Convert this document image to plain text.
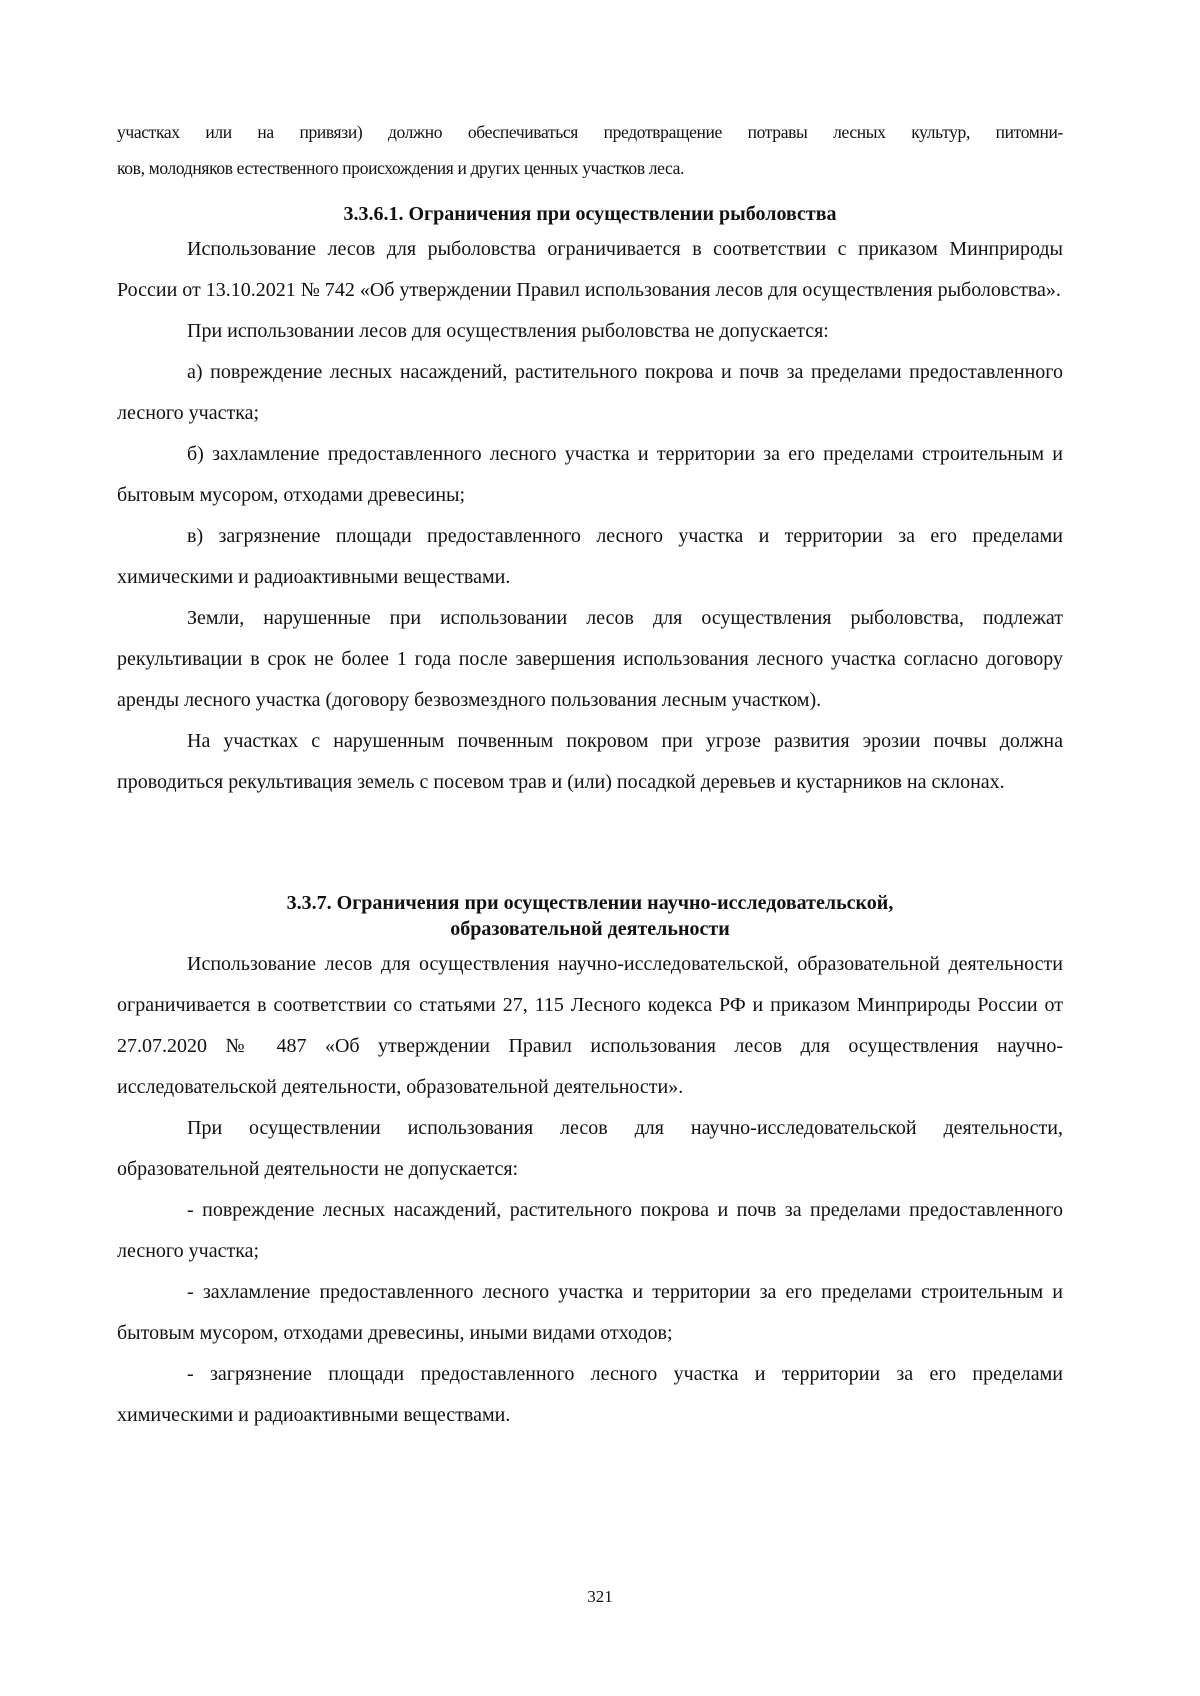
участках или на привязи) должно обеспечиваться предотвращение потравы лесных культур, питомни-

ков, молодняков естественного происхождения и других ценных участков леса.

3.3.6.1. Ограничения при осуществлении рыболовства

Использование лесов для рыболовства ограничивается в соответствии с приказом Минприроды России от 13.10.2021 № 742 «Об утверждении Правил использования лесов для осуществления рыболовства».

При использовании лесов для осуществления рыболовства не допускается:

а) повреждение лесных насаждений, растительного покрова и почв за пределами предоставленного лесного участка;

б) захламление предоставленного лесного участка и территории за его пределами строительным и бытовым мусором, отходами древесины;

в) загрязнение площади предоставленного лесного участка и территории за его пределами химическими и радиоактивными веществами.

Земли, нарушенные при использовании лесов для осуществления рыболовства, подлежат рекультивации в срок не более 1 года после завершения использования лесного участка согласно договору аренды лесного участка (договору безвозмездного пользования лесным участком).

На участках с нарушенным почвенным покровом при угрозе развития эрозии почвы должна проводиться рекультивация земель с посевом трав и (или) посадкой деревьев и кустарников на склонах.

3.3.7. Ограничения при осуществлении научно-исследовательской,
образовательной деятельности

Использование лесов для осуществления научно-исследовательской, образовательной деятельности ограничивается в соответствии со статьями 27, 115 Лесного кодекса РФ и приказом Минприроды России от 27.07.2020 № 487 «Об утверждении Правил использования лесов для осуществления научно-исследовательской деятельности, образовательной деятельности».

При осуществлении использования лесов для научно-исследовательской деятельности, образовательной деятельности не допускается:

- повреждение лесных насаждений, растительного покрова и почв за пределами предоставленного лесного участка;

- захламление предоставленного лесного участка и территории за его пределами строительным и бытовым мусором, отходами древесины, иными видами отходов;

- загрязнение площади предоставленного лесного участка и территории за его пределами химическими и радиоактивными веществами.

321
